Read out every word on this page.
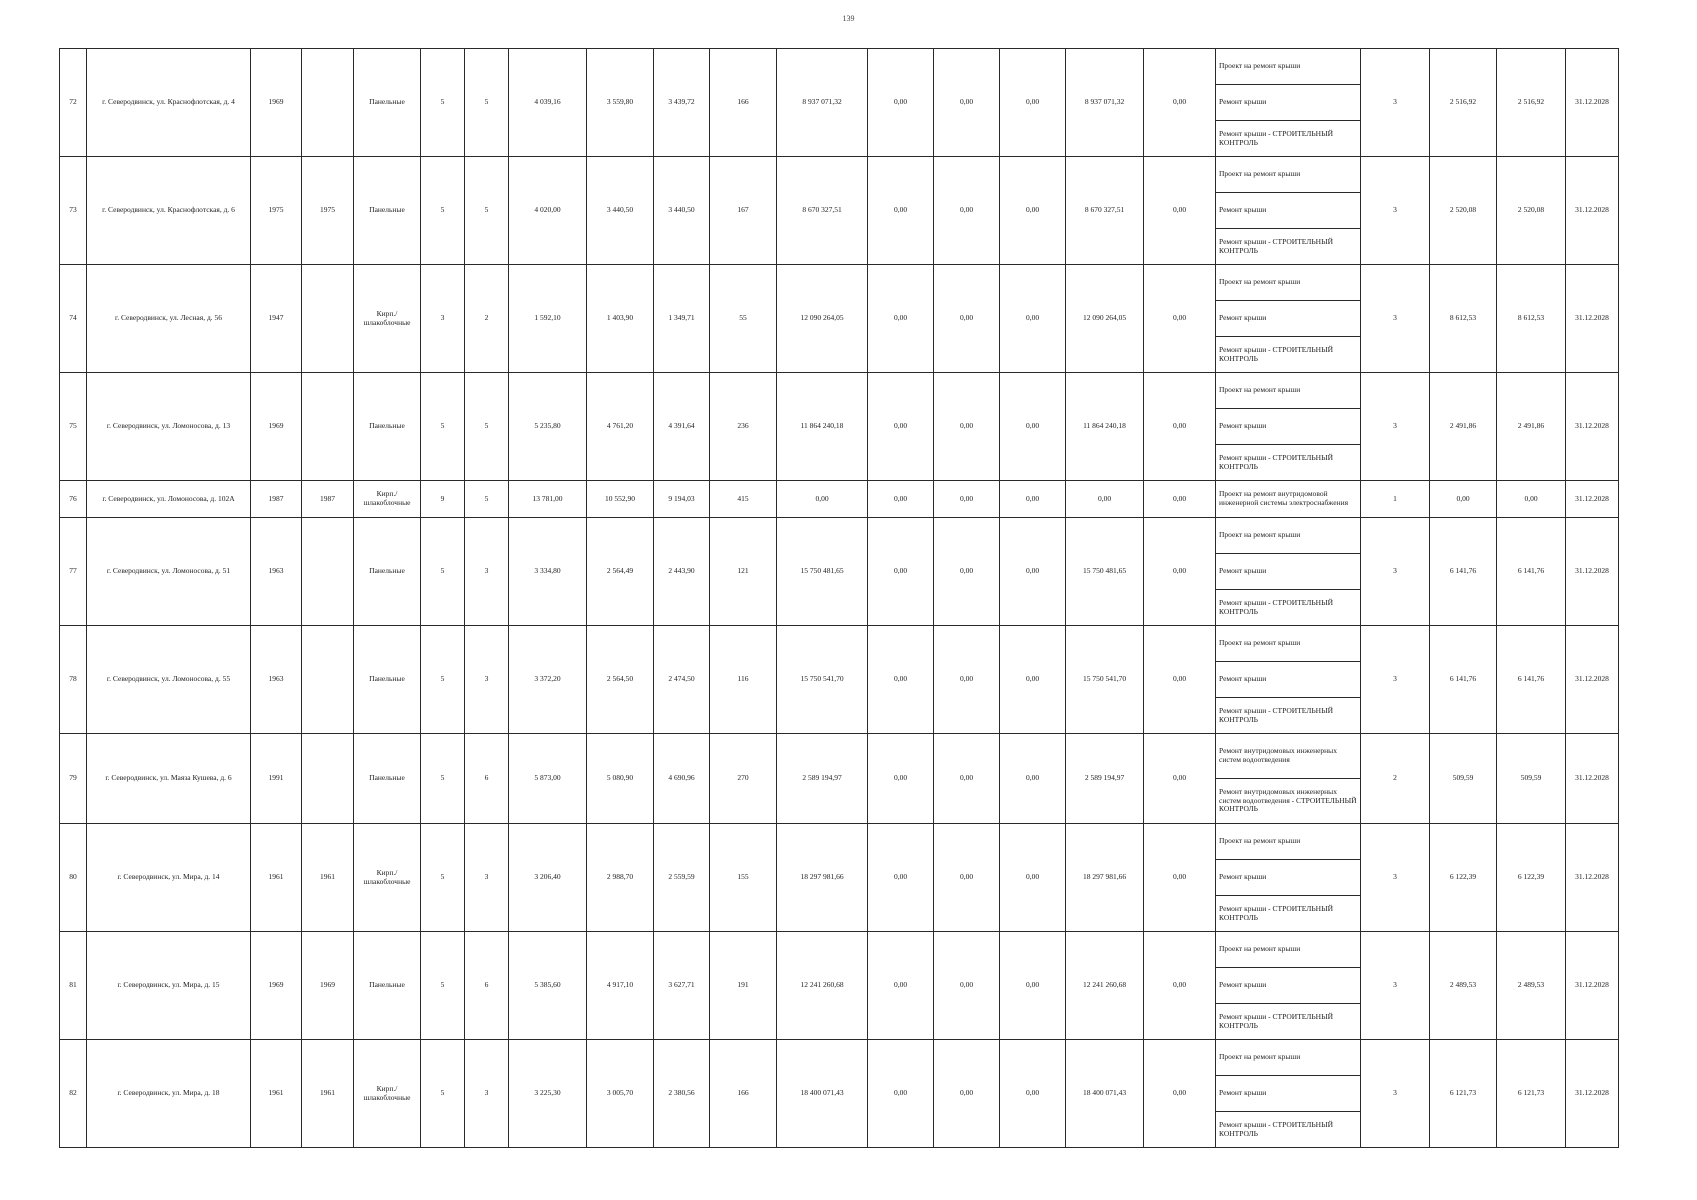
139
72	г. Северодвинск, ул. Краснофлотская, д. 4	1969		Панельные	5	5	4 039,16	3 559,80	3 439,72	166	8 937 071,32	0,00	0,00	0,00	8 937 071,32	0,00	Проект на ремонт крыши	3	2 516,92	2 516,92	31.12.2028
																	Ремонт крыши				
																	Ремонт крыши - СТРОИТЕЛЬНЫЙ КОНТРОЛЬ				
73	г. Северодвинск, ул. Краснофлотская, д. 6	1975	1975	Панельные	5	5	4 020,00	3 440,50	3 440,50	167	8 670 327,51	0,00	0,00	0,00	8 670 327,51	0,00	Проект на ремонт крыши	3	2 520,08	2 520,08	31.12.2028
																	Ремонт крыши				
																	Ремонт крыши - СТРОИТЕЛЬНЫЙ КОНТРОЛЬ				
74	г. Северодвинск, ул. Лесная, д. 56	1947		Кирп./ шлакоблочные	3	2	1 592,10	1 403,90	1 349,71	55	12 090 264,05	0,00	0,00	0,00	12 090 264,05	0,00	Проект на ремонт крыши	3	8 612,53	8 612,53	31.12.2028
																	Ремонт крыши				
																	Ремонт крыши - СТРОИТЕЛЬНЫЙ КОНТРОЛЬ				
75	г. Северодвинск, ул. Ломоносова, д. 13	1969		Панельные	5	5	5 235,80	4 761,20	4 391,64	236	11 864 240,18	0,00	0,00	0,00	11 864 240,18	0,00	Проект на ремонт крыши	3	2 491,86	2 491,86	31.12.2028
																	Ремонт крыши				
																	Ремонт крыши - СТРОИТЕЛЬНЫЙ КОНТРОЛЬ				
76	г. Северодвинск, ул. Ломоносова, д. 102А	1987	1987	Кирп./ шлакоблочные	9	5	13 781,00	10 552,90	9 194,03	415	0,00	0,00	0,00	0,00	0,00	0,00	Проект на ремонт внутридомовой инженерной системы электроснабжения	1	0,00	0,00	31.12.2028
77	г. Северодвинск, ул. Ломоносова, д. 51	1963		Панельные	5	3	3 334,80	2 564,49	2 443,90	121	15 750 481,65	0,00	0,00	0,00	15 750 481,65	0,00	Проект на ремонт крыши	3	6 141,76	6 141,76	31.12.2028
																	Ремонт крыши				
																	Ремонт крыши - СТРОИТЕЛЬНЫЙ КОНТРОЛЬ				
78	г. Северодвинск, ул. Ломоносова, д. 55	1963		Панельные	5	3	3 372,20	2 564,50	2 474,50	116	15 750 541,70	0,00	0,00	0,00	15 750 541,70	0,00	Проект на ремонт крыши	3	6 141,76	6 141,76	31.12.2028
																	Ремонт крыши				
																	Ремонт крыши - СТРОИТЕЛЬНЫЙ КОНТРОЛЬ				
79	г. Северодвинск, ул. Маяза Кушева, д. 6	1991		Панельные	5	6	5 873,00	5 080,90	4 690,96	270	2 589 194,97	0,00	0,00	0,00	2 589 194,97	0,00	Ремонт внутридомовых инженерных систем водоотведения	2	509,59	509,59	31.12.2028
																	Ремонт внутридомовых инженерных систем водоотведения - СТРОИТЕЛЬНЫЙ КОНТРОЛЬ				
80	г. Северодвинск, ул. Мира, д. 14	1961	1961	Кирп./ шлакоблочные	5	3	3 206,40	2 988,70	2 559,59	155	18 297 981,66	0,00	0,00	0,00	18 297 981,66	0,00	Проект на ремонт крыши	3	6 122,39	6 122,39	31.12.2028
																	Ремонт крыши				
																	Ремонт крыши - СТРОИТЕЛЬНЫЙ КОНТРОЛЬ				
81	г. Северодвинск, ул. Мира, д. 15	1969	1969	Панельные	5	6	5 385,60	4 917,10	3 627,71	191	12 241 260,68	0,00	0,00	0,00	12 241 260,68	0,00	Проект на ремонт крыши	3	2 489,53	2 489,53	31.12.2028
																	Ремонт крыши				
																	Ремонт крыши - СТРОИТЕЛЬНЫЙ КОНТРОЛЬ				
82	г. Северодвинск, ул. Мира, д. 18	1961	1961	Кирп./ шлакоблочные	5	3	3 225,30	3 005,70	2 380,56	166	18 400 071,43	0,00	0,00	0,00	18 400 071,43	0,00	Проект на ремонт крыши	3	6 121,73	6 121,73	31.12.2028
																	Ремонт крыши				
																	Ремонт крыши - СТРОИТЕЛЬНЫЙ КОНТРОЛЬ				
